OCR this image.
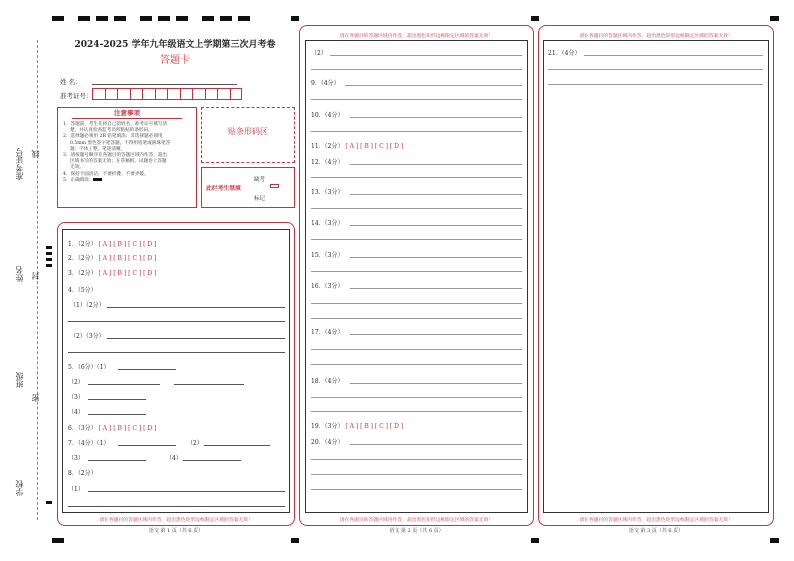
准考证号 线
姓名 封
班级
密
学校
2024-2025 学年九年级语文上学期第三次月考卷
答题卡
姓 名：
准考证号：
注意事项
1．答题前，考生先将自己的姓名，准考证号填写清
楚，并认真检查监考员所粘贴的条形码。
2．选择题必须用 2B 铅笔填涂；非选择题必须用
0.5mm 黑色签字笔答题，不得用铅笔或圆珠笔答
题；字体工整、笔迹清晰。
3．请按题号顺序在各题目的答题区域内作答，超出
区域书写的答案无效；在草稿纸、试题卷上答题
无效。
4．保持卡面清洁，不要折叠、不要弄破。
5．正确填涂
贴条形码区
此栏考生禁填
缺考
标记
请在各题目的答题区域内作答，超出黑色矩形边框限定区域的答案无效！
语文 第 1 页（共 6 页）
1．（2分） [ A ] [ B ] [ C ] [ D ]
2．（2分） [ A ] [ B ] [ C ] [ D ]
3．（2分） [ A ] [ B ] [ C ] [ D ]
4．（5分）
（1）（2分）
（2）（3分）
5．（6分）（1）
（2）
（3）
（4）
6．（3分） [ A ] [ B ] [ C ] [ D ]
7．（4分）（1）	（2）
（3）	（4）
8．（2分）
（1）
请在各题目的答题区域内作答，超出黑色矩形边框限定区域的答案无效！
请在各题目的答题区域内作答，超出黑色矩形边框限定区域的答案无效！
语文 第 2 页（共 6 页）
（2）
9．（4分）
10．（4分）
11．（2分） [ A ] [ B ] [ C ] [ D ]
12．（4分）
13．（3分）
14．（3分）
15．（3分）
16．（3分）
17．（4分）
18．（4分）
19．（3分） [ A ] [ B ] [ C ] [ D ]
20．（4分）
请在各题目的答题区域内作答，超出黑色矩形边框限定区域的答案无效！
请在各题目的答题区域内作答，超出黑色矩形边框限定区域的答案无效！
语文 第 3 页（共 6 页）
21．（4分）
